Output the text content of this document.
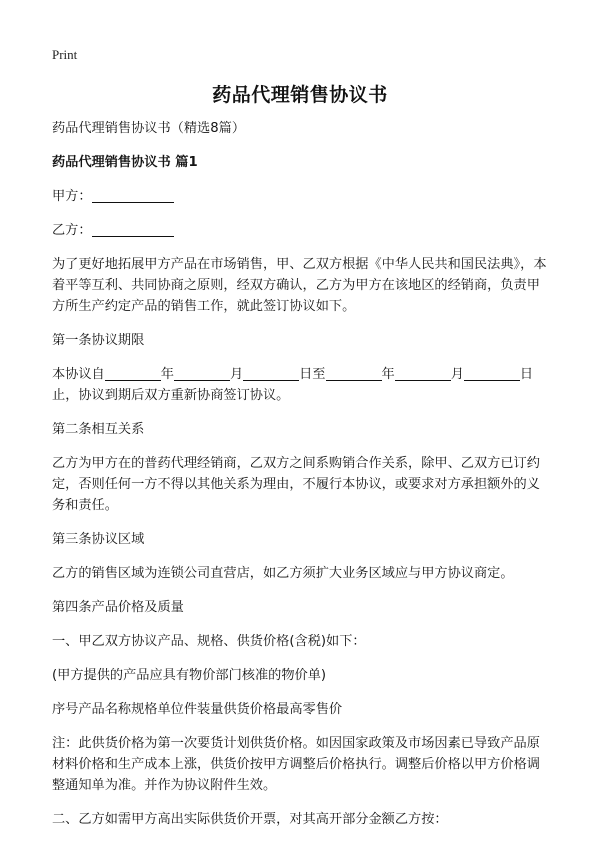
Print
药品代理销售协议书

药品代理销售协议书（精选8篇）

药品代理销售协议书 篇1

甲方：

乙方：

为了更好地拓展甲方产品在市场销售，甲、乙双方根据《中华人民共和国民法典》，本着平等互利、共同协商之原则，经双方确认，乙方为甲方在该地区的经销商，负责甲方所生产约定产品的销售工作，就此签订协议如下。

第一条协议期限

本协议自	年	月	日至	年	月	日止，协议到期后双方重新协商签订协议。

第二条相互关系

乙方为甲方在的普药代理经销商，乙双方之间系购销合作关系，除甲、乙双方已订约定，否则任何一方不得以其他关系为理由，不履行本协议，或要求对方承担额外的义务和责任。

第三条协议区域

乙方的销售区域为连锁公司直营店，如乙方须扩大业务区域应与甲方协议商定。

第四条产品价格及质量

一、甲乙双方协议产品、规格、供货价格(含税)如下：

(甲方提供的产品应具有物价部门核准的物价单)

序号产品名称规格单位件装量供货价格最高零售价

注：此供货价格为第一次要货计划供货价格。如因国家政策及市场因素已导致产品原材料价格和生产成本上涨，供货价按甲方调整后价格执行。调整后价格以甲方价格调整通知单为准。并作为协议附件生效。

二、乙方如需甲方高出实际供货价开票，对其高开部分金额乙方按：
